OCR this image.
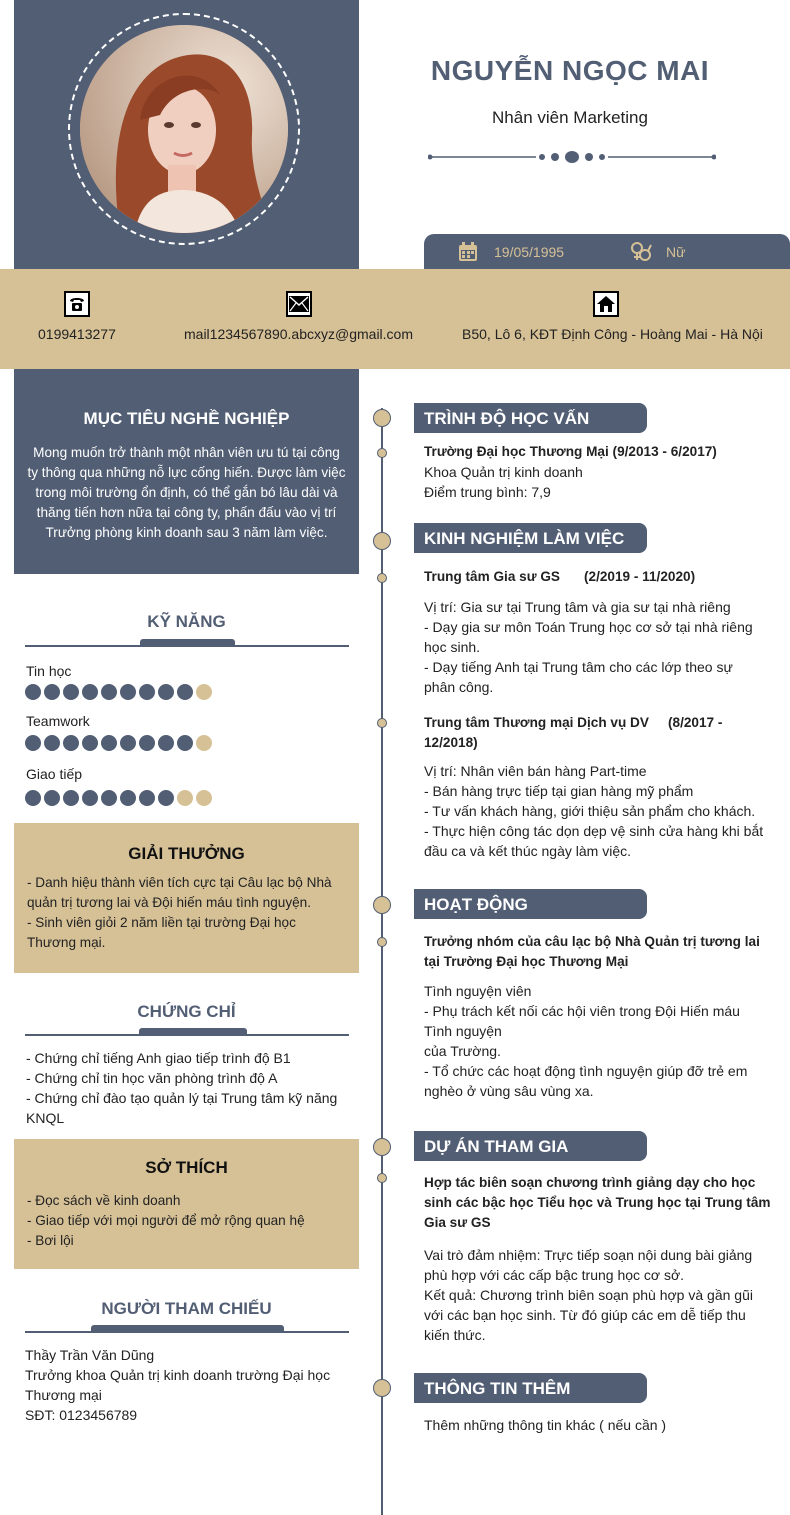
NGUYỄN NGỌC MAI
Nhân viên Marketing
19/05/1995	Nữ
0199413277	mail1234567890.abcxyz@gmail.com	B50, Lô 6, KĐT Định Công - Hoàng Mai - Hà Nội
MỤC TIÊU NGHỀ NGHIỆP
Mong muốn trở thành một nhân viên ưu tú tại công
ty thông qua những nỗ lực cống hiến. Được làm việc
trong môi trường ổn định, có thể gắn bó lâu dài và
thăng tiến hơn nữa tại công ty, phấn đấu vào vị trí
Trưởng phòng kinh doanh sau 3 năm làm việc.
KỸ NĂNG
Tin học
Teamwork
Giao tiếp
GIẢI THƯỞNG
- Danh hiệu thành viên tích cực tại Câu lạc bộ Nhà
quản trị tương lai và Đội hiến máu tình nguyện.
- Sinh viên giỏi 2 năm liền tại trường Đại học
Thương mại.
CHỨNG CHỈ
- Chứng chỉ tiếng Anh giao tiếp trình độ B1
- Chứng chỉ tin học văn phòng trình độ A
- Chứng chỉ đào tạo quản lý tại Trung tâm kỹ năng
KNQL
SỞ THÍCH
- Đọc sách về kinh doanh
- Giao tiếp với mọi người để mở rộng quan hệ
- Bơi lội
NGƯỜI THAM CHIẾU
Thầy Trần Văn Dũng
Trưởng khoa Quản trị kinh doanh trường Đại học
Thương mại
SĐT: 0123456789
TRÌNH ĐỘ HỌC VẤN
Trường Đại học Thương Mại (9/2013 - 6/2017)
Khoa Quản trị kinh doanh
Điểm trung bình: 7,9
KINH NGHIỆM LÀM VIỆC
Trung tâm Gia sư GS (2/2019 - 11/2020)
Vị trí: Gia sư tại Trung tâm và gia sư tại nhà riêng
- Dạy gia sư môn Toán Trung học cơ sở tại nhà riêng
học sinh.
- Dạy tiếng Anh tại Trung tâm cho các lớp theo sự
phân công.
Trung tâm Thương mại Dịch vụ DV (8/2017 -
12/2018)
Vị trí: Nhân viên bán hàng Part-time
- Bán hàng trực tiếp tại gian hàng mỹ phẩm
- Tư vấn khách hàng, giới thiệu sản phẩm cho khách.
- Thực hiện công tác dọn dẹp vệ sinh cửa hàng khi bắt
đầu ca và kết thúc ngày làm việc.
HOẠT ĐỘNG
Trưởng nhóm của câu lạc bộ Nhà Quản trị tương lai
tại Trường Đại học Thương Mại
Tình nguyện viên
- Phụ trách kết nối các hội viên trong Đội Hiến máu
Tình nguyện
của Trường.
- Tổ chức các hoạt động tình nguyện giúp đỡ trẻ em
nghèo ở vùng sâu vùng xa.
DỰ ÁN THAM GIA
Hợp tác biên soạn chương trình giảng dạy cho học
sinh các bậc học Tiểu học và Trung học tại Trung tâm
Gia sư GS
Vai trò đảm nhiệm: Trực tiếp soạn nội dung bài giảng
phù hợp với các cấp bậc trung học cơ sở.
Kết quả: Chương trình biên soạn phù hợp và gần gũi
với các bạn học sinh. Từ đó giúp các em dễ tiếp thu
kiến thức.
THÔNG TIN THÊM
Thêm những thông tin khác ( nếu cần )
